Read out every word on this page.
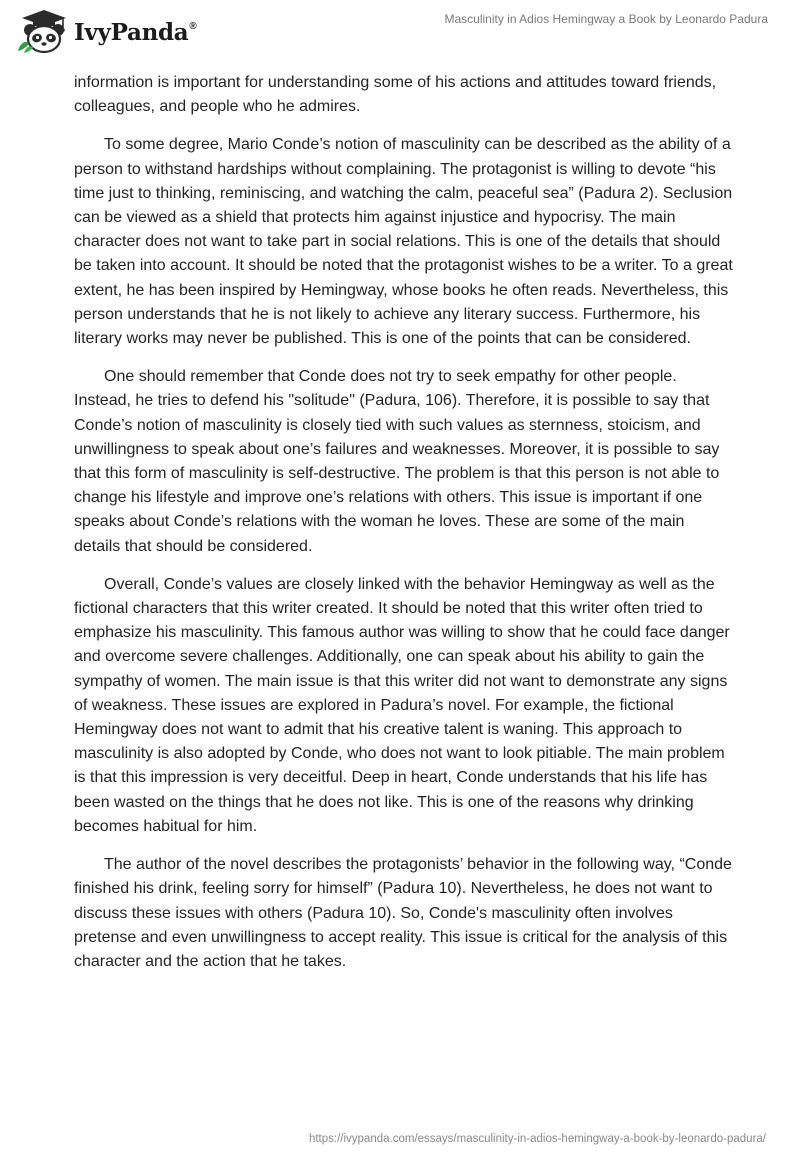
IvyPanda®
Masculinity in Adios Hemingway a Book by Leonardo Padura

information is important for understanding some of his actions and attitudes toward friends, colleagues, and people who he admires.

To some degree, Mario Conde’s notion of masculinity can be described as the ability of a person to withstand hardships without complaining. The protagonist is willing to devote “his time just to thinking, reminiscing, and watching the calm, peaceful sea” (Padura 2). Seclusion can be viewed as a shield that protects him against injustice and hypocrisy. The main character does not want to take part in social relations. This is one of the details that should be taken into account. It should be noted that the protagonist wishes to be a writer. To a great extent, he has been inspired by Hemingway, whose books he often reads. Nevertheless, this person understands that he is not likely to achieve any literary success. Furthermore, his literary works may never be published. This is one of the points that can be considered.

One should remember that Conde does not try to seek empathy for other people. Instead, he tries to defend his "solitude" (Padura, 106). Therefore, it is possible to say that Conde’s notion of masculinity is closely tied with such values as sternness, stoicism, and unwillingness to speak about one’s failures and weaknesses. Moreover, it is possible to say that this form of masculinity is self-destructive. The problem is that this person is not able to change his lifestyle and improve one’s relations with others. This issue is important if one speaks about Conde’s relations with the woman he loves. These are some of the main details that should be considered.

Overall, Conde’s values are closely linked with the behavior Hemingway as well as the fictional characters that this writer created. It should be noted that this writer often tried to emphasize his masculinity. This famous author was willing to show that he could face danger and overcome severe challenges. Additionally, one can speak about his ability to gain the sympathy of women. The main issue is that this writer did not want to demonstrate any signs of weakness. These issues are explored in Padura’s novel. For example, the fictional Hemingway does not want to admit that his creative talent is waning. This approach to masculinity is also adopted by Conde, who does not want to look pitiable. The main problem is that this impression is very deceitful. Deep in heart, Conde understands that his life has been wasted on the things that he does not like. This is one of the reasons why drinking becomes habitual for him.

The author of the novel describes the protagonists’ behavior in the following way, “Conde finished his drink, feeling sorry for himself” (Padura 10). Nevertheless, he does not want to discuss these issues with others (Padura 10). So, Conde's masculinity often involves pretense and even unwillingness to accept reality. This issue is critical for the analysis of this character and the action that he takes.

https://ivypanda.com/essays/masculinity-in-adios-hemingway-a-book-by-leonardo-padura/
